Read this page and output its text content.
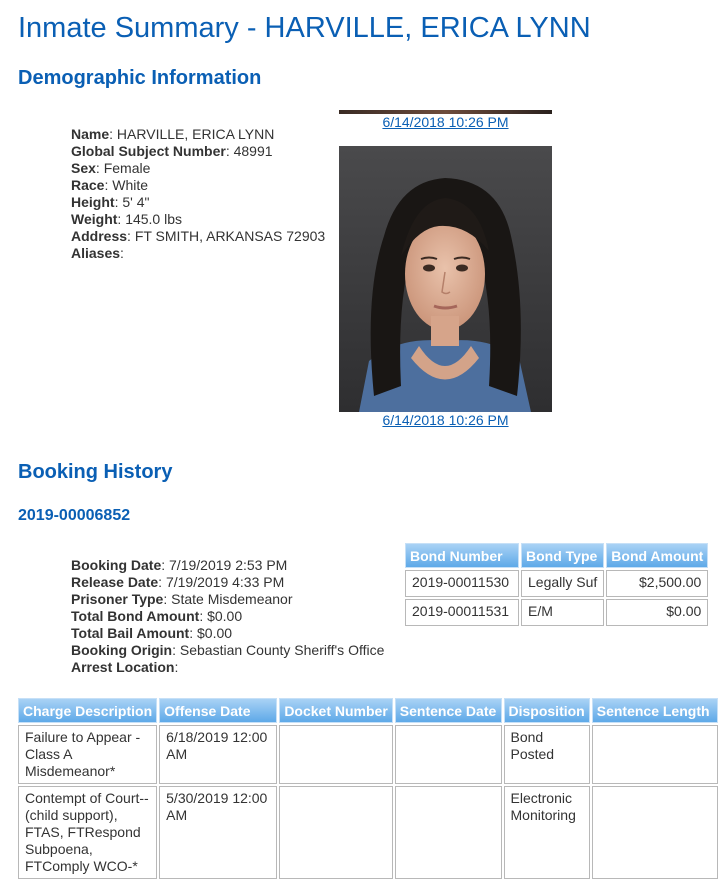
Inmate Summary - HARVILLE, ERICA LYNN
Demographic Information
Name: HARVILLE, ERICA LYNN
Global Subject Number: 48991
Sex: Female
Race: White
Height: 5' 4"
Weight: 145.0 lbs
Address: FT SMITH, ARKANSAS 72903
Aliases:
6/14/2018 10:26 PM
6/14/2018 10:26 PM
Booking History
2019-00006852
Booking Date: 7/19/2019 2:53 PM
Release Date: 7/19/2019 4:33 PM
Prisoner Type: State Misdemeanor
Total Bond Amount: $0.00
Total Bail Amount: $0.00
Booking Origin: Sebastian County Sheriff's Office
Arrest Location:
Bond Number	Bond Type	Bond Amount
2019-00011530	Legally Suf	$2,500.00
2019-00011531	E/M	$0.00
Charge Description	Offense Date	Docket Number	Sentence Date	Disposition	Sentence Length
Failure to Appear - Class A Misdemeanor*	6/18/2019 12:00 AM			Bond Posted	
Contempt of Court--(child support), FTAS, FTRespond Subpoena, FTComply WCO-*	5/30/2019 12:00 AM			Electronic Monitoring	
